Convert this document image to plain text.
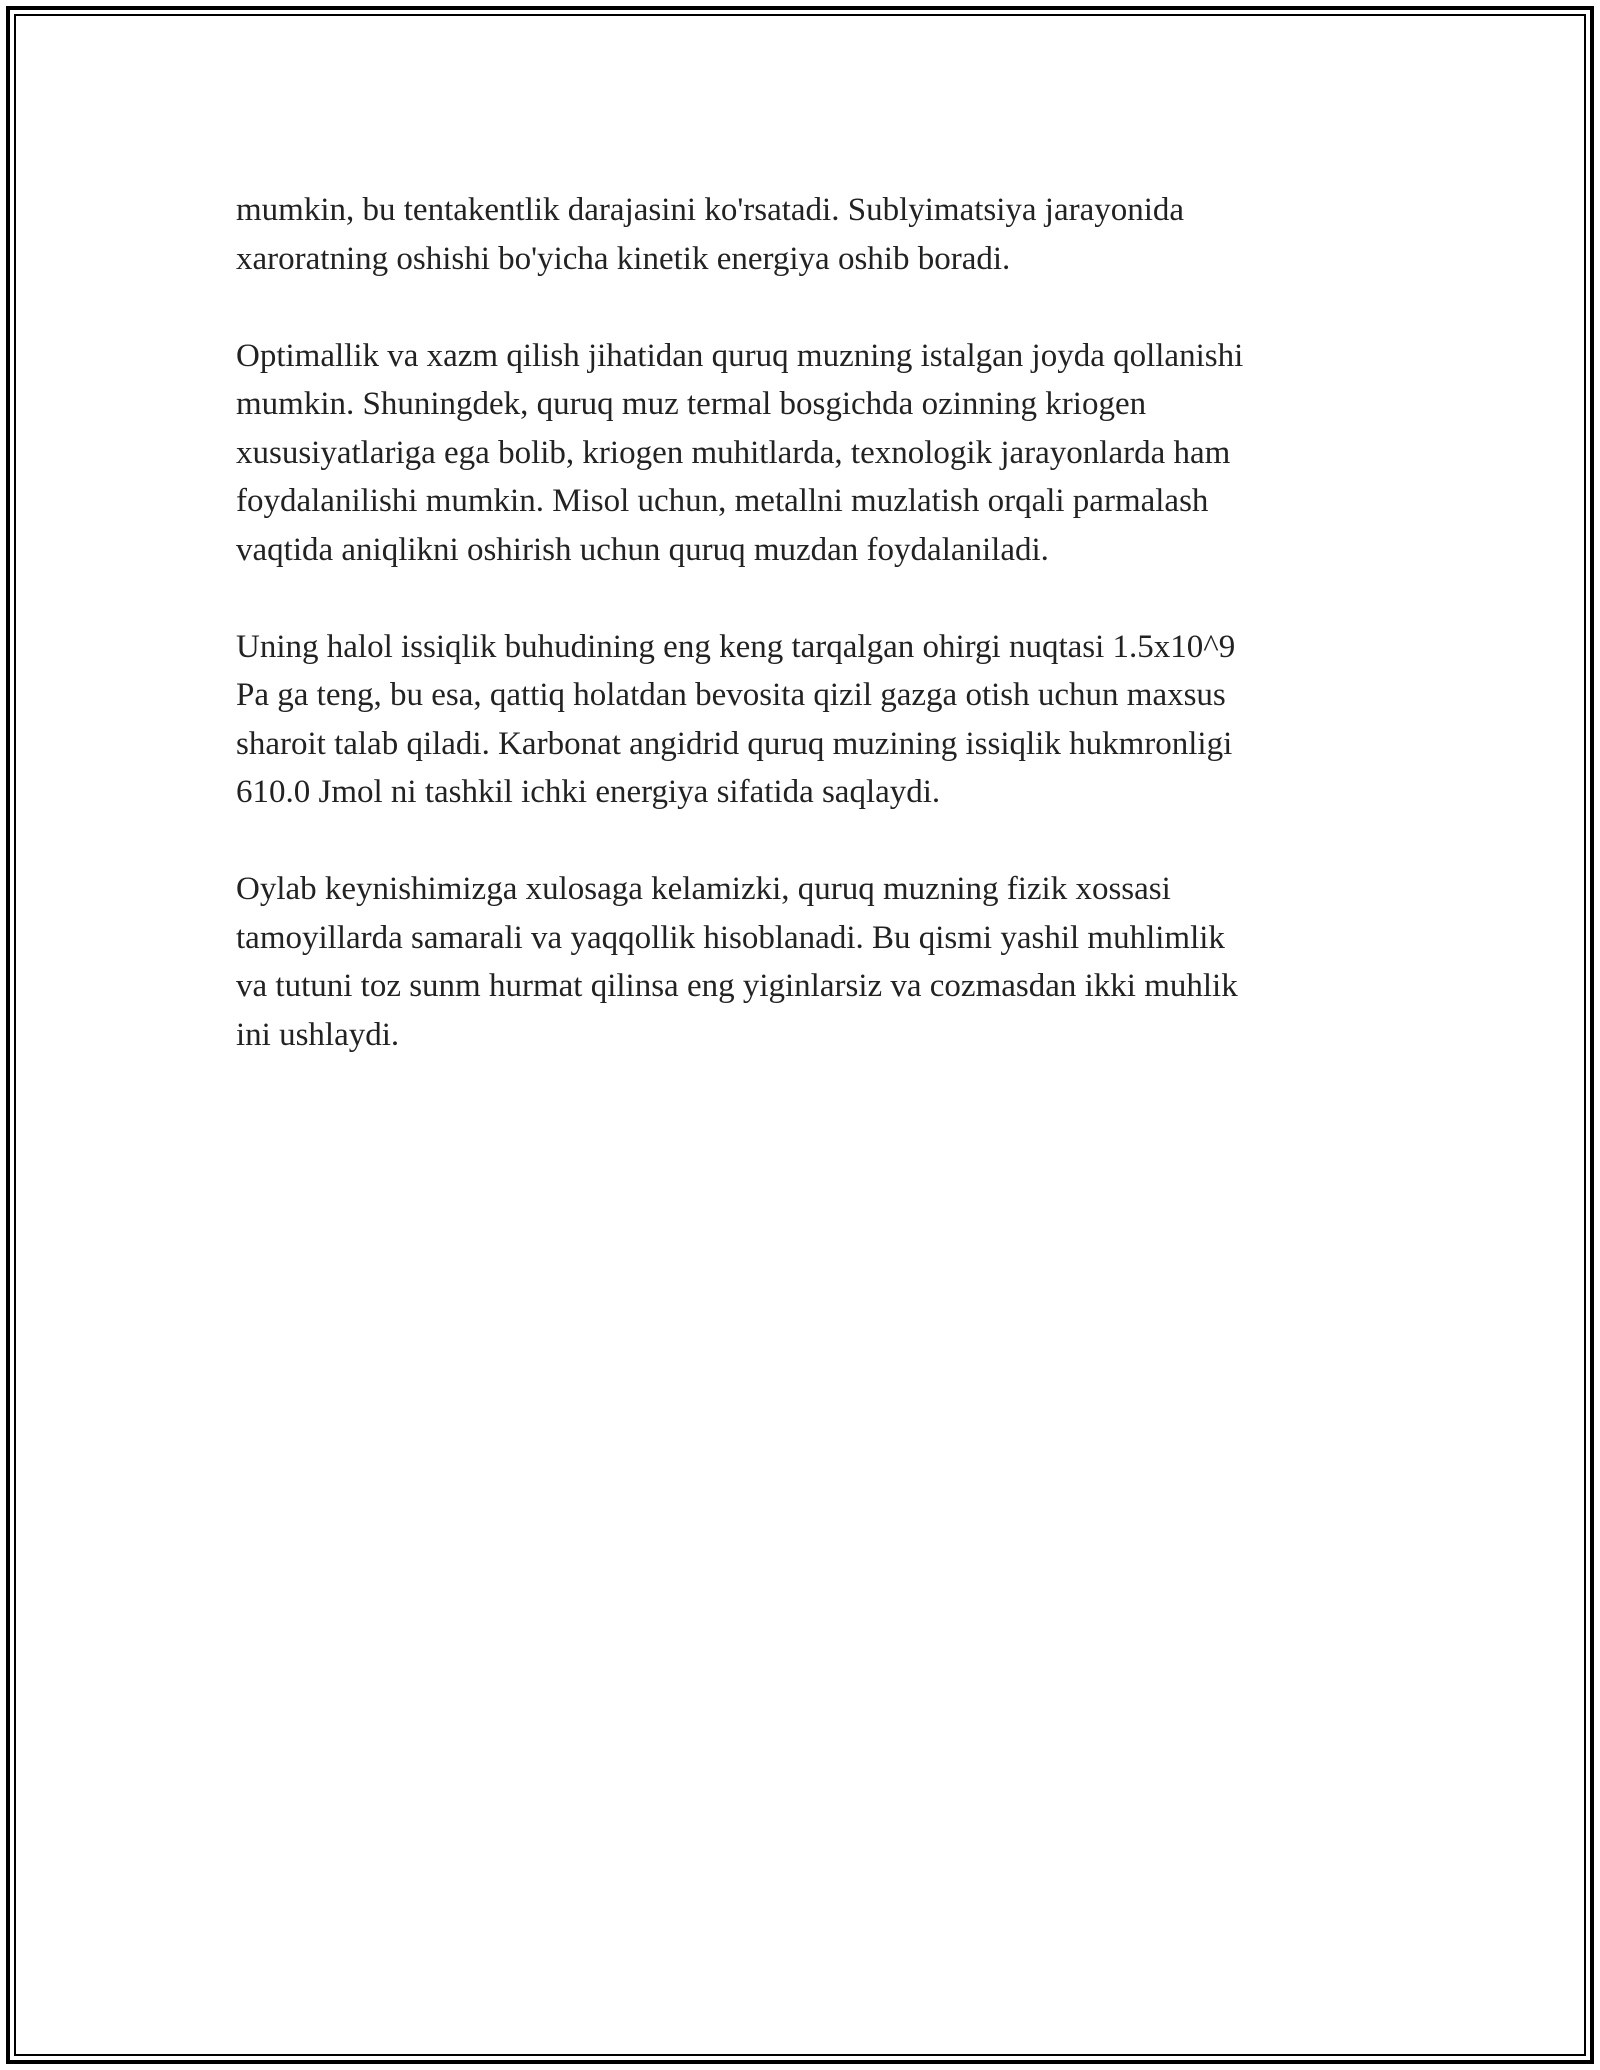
mumkin, bu tentakentlik darajasini ko'rsatadi. Sublyimatsiya jarayonida
xaroratning oshishi bo'yicha kinetik energiya oshib boradi.

Optimallik va xazm qilish jihatidan quruq muzning istalgan joyda qollanishi
mumkin. Shuningdek, quruq muz termal bosgichda ozinning kriogen
xususiyatlariga ega bolib, kriogen muhitlarda, texnologik jarayonlarda ham
foydalanilishi mumkin. Misol uchun, metallni muzlatish orqali parmalash
vaqtida aniqlikni oshirish uchun quruq muzdan foydalaniladi.

Uning halol issiqlik buhudining eng keng tarqalgan ohirgi nuqtasi 1.5x10^9
Pa ga teng, bu esa, qattiq holatdan bevosita qizil gazga otish uchun maxsus
sharoit talab qiladi. Karbonat angidrid quruq muzining issiqlik hukmronligi
610.0 Jmol ni tashkil ichki energiya sifatida saqlaydi.

Oylab keynishimizga xulosaga kelamizki, quruq muzning fizik xossasi
tamoyillarda samarali va yaqqollik hisoblanadi. Bu qismi yashil muhlimlik
va tutuni toz sunm hurmat qilinsa eng yiginlarsiz va cozmasdan ikki muhlik
ini ushlaydi.
